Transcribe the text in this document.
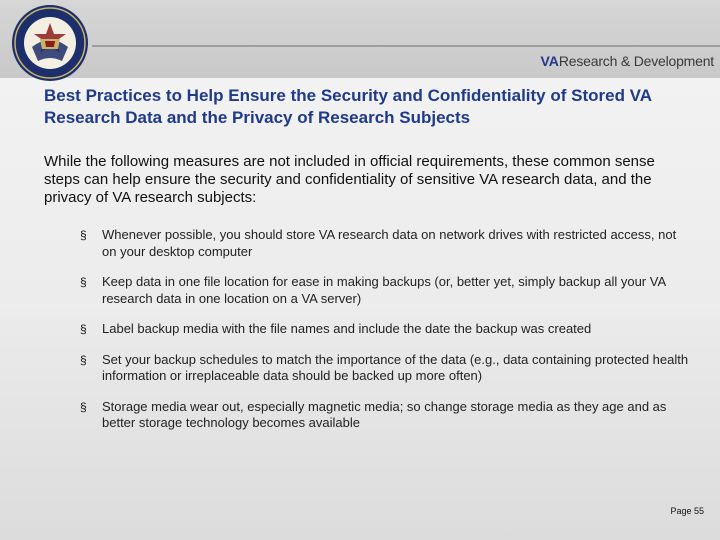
VAResearch & Development
Best Practices to Help Ensure the Security and Confidentiality of Stored VA Research Data and the Privacy of Research Subjects

While the following measures are not included in official requirements, these common sense steps can help ensure the security and confidentiality of sensitive VA research data, and the privacy of VA research subjects:

§ Whenever possible, you should store VA research data on network drives with restricted access, not on your desktop computer
§ Keep data in one file location for ease in making backups (or, better yet, simply backup all your VA research data in one location on a VA server)
§ Label backup media with the file names and include the date the backup was created
§ Set your backup schedules to match the importance of the data (e.g., data containing protected health information or irreplaceable data should be backed up more often)
§ Storage media wear out, especially magnetic media; so change storage media as they age and as better storage technology becomes available
Page 55
